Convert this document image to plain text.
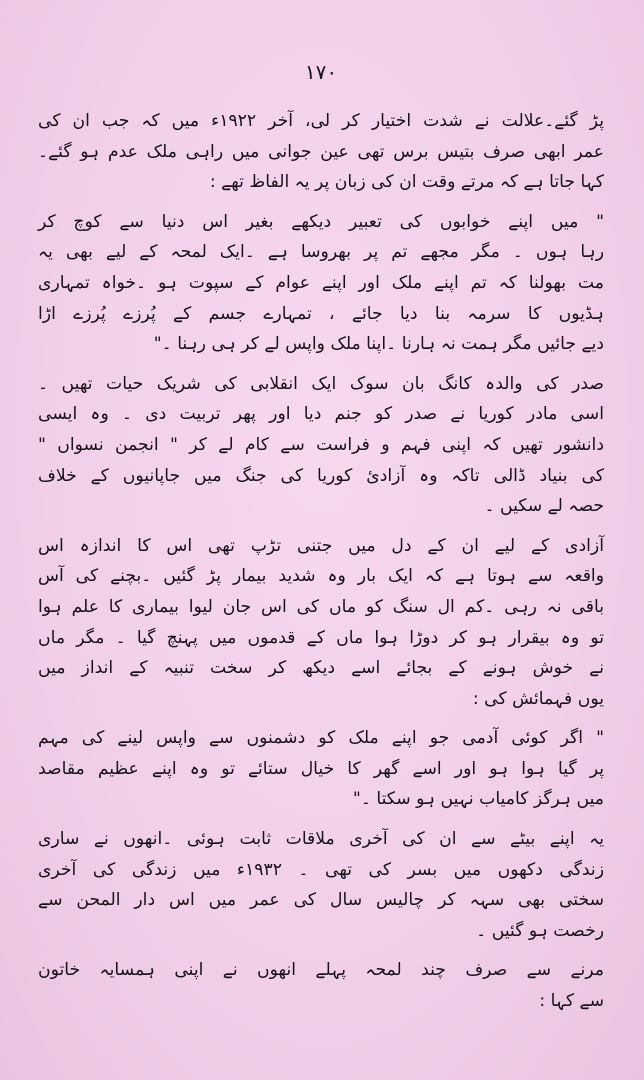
۱۷۰
پڑ گئے۔علالت نے شدت اختیار کر لی، آخر ۱۹۲۲ء میں کہ جب ان کی
عمر ابھی صرف بتیس برس تھی عین جوانی میں راہی ملک عدم ہو گئے۔
کہا جاتا ہے کہ مرتے وقت ان کی زبان پر یہ الفاظ تھے :
" میں اپنے خوابوں کی تعبیر دیکھے بغیر اس دنیا سے کوچ کر
رہا ہوں ۔ مگر مجھے تم پر بھروسا ہے ۔ایک لمحہ کے لیے بھی یہ
مت بھولنا کہ تم اپنے ملک اور اپنے عوام کے سپوت ہو ۔خواہ تمہاری
ہڈیوں کا سرمہ بنا دیا جائے ، تمہارے جسم کے پُرزے پُرزے اڑا
دیے جائیں مگر ہمت نہ ہارنا ۔اپنا ملک واپس لے کر ہی رہنا ۔"
صدر کی والدہ کانگ بان سوک ایک انقلابی کی شریک حیات تھیں ۔
اسی مادر کوریا نے صدر کو جنم دیا اور پھر تربیت دی ۔ وہ ایسی
دانشور تھیں کہ اپنی فہم و فراست سے کام لے کر " انجمن نسواں "
کی بنیاد ڈالی تاکہ وہ آزادئ کوریا کی جنگ میں جاپانیوں کے خلاف
حصہ لے سکیں ۔
آزادی کے لیے ان کے دل میں جتنی تڑپ تھی اس کا اندازہ اس
واقعہ سے ہوتا ہے کہ ایک بار وہ شدید بیمار پڑ گئیں ۔بچنے کی آس
باقی نہ رہی ۔کم ال سنگ کو ماں کی اس جان لیوا بیماری کا علم ہوا
تو وہ بیقرار ہو کر دوڑا ہوا ماں کے قدموں میں پہنچ گیا ۔ مگر ماں
نے خوش ہونے کے بجائے اسے دیکھ کر سخت تنبیہ کے انداز میں
یوں فہمائش کی :
" اگر کوئی آدمی جو اپنے ملک کو دشمنوں سے واپس لینے کی مہم
پر گیا ہوا ہو اور اسے گھر کا خیال ستائے تو وہ اپنے عظیم مقاصد
میں ہرگز کامیاب نہیں ہو سکتا ۔"
یہ اپنے بیٹے سے ان کی آخری ملاقات ثابت ہوئی ۔انھوں نے ساری
زندگی دکھوں میں بسر کی تھی ۔ ۱۹۳۲ء میں زندگی کی آخری
سختی بھی سہہ کر چالیس سال کی عمر میں اس دار المحن سے
رخصت ہو گئیں ۔
مرنے سے صرف چند لمحہ پہلے انھوں نے اپنی ہمسایہ خاتون
سے کہا :
